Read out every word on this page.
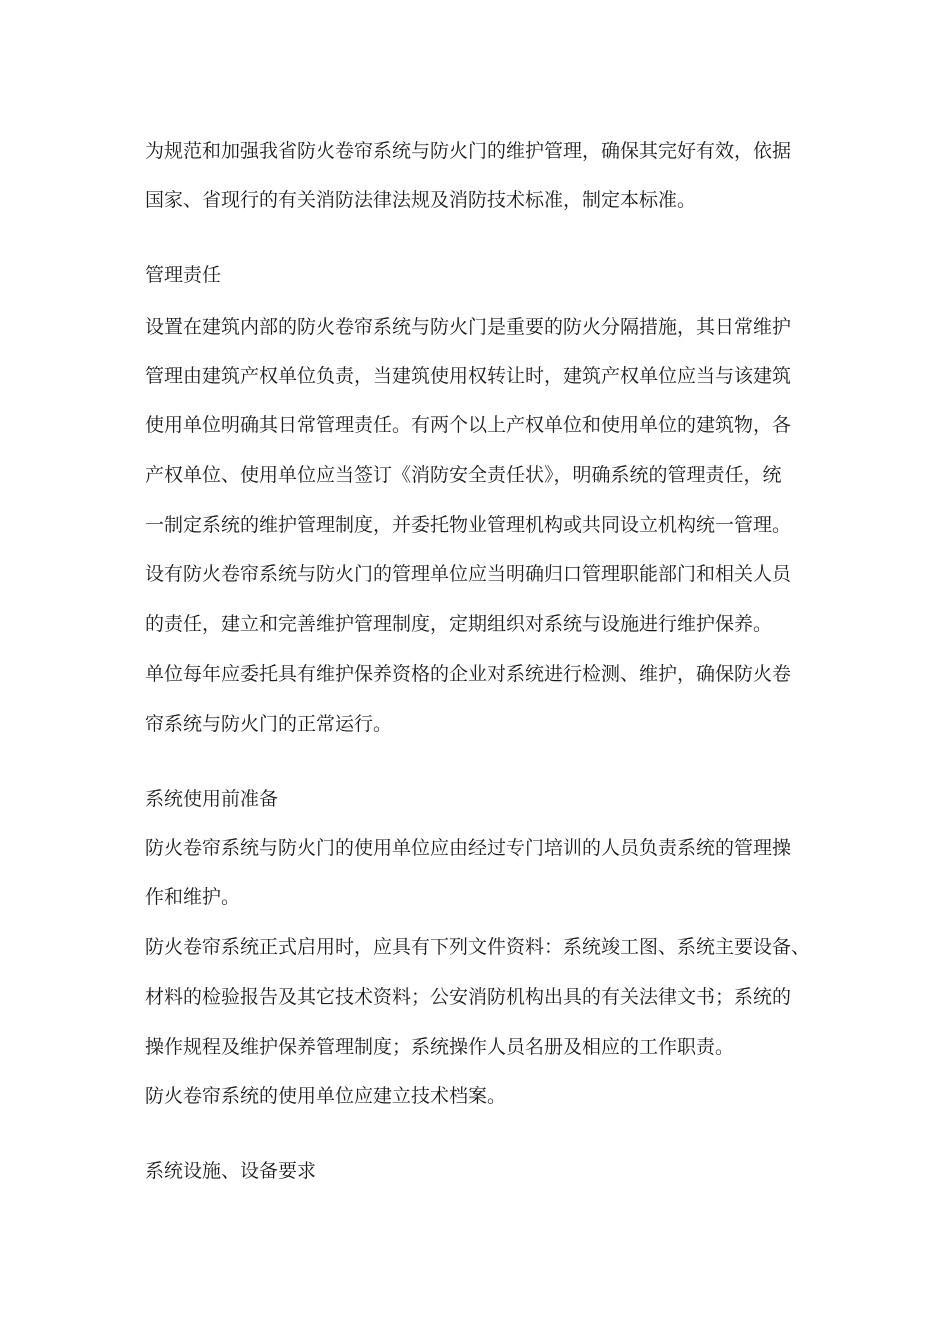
为规范和加强我省防火卷帘系统与防火门的维护管理，确保其完好有效，依据
国家、省现行的有关消防法律法规及消防技术标准，制定本标准。
管理责任
设置在建筑内部的防火卷帘系统与防火门是重要的防火分隔措施，其日常维护
管理由建筑产权单位负责，当建筑使用权转让时，建筑产权单位应当与该建筑
使用单位明确其日常管理责任。有两个以上产权单位和使用单位的建筑物，各
产权单位、使用单位应当签订《消防安全责任状》，明确系统的管理责任，统
一制定系统的维护管理制度，并委托物业管理机构或共同设立机构统一管理。
设有防火卷帘系统与防火门的管理单位应当明确归口管理职能部门和相关人员
的责任，建立和完善维护管理制度，定期组织对系统与设施进行维护保养。
单位每年应委托具有维护保养资格的企业对系统进行检测、维护，确保防火卷
帘系统与防火门的正常运行。
系统使用前准备
防火卷帘系统与防火门的使用单位应由经过专门培训的人员负责系统的管理操
作和维护。
防火卷帘系统正式启用时，应具有下列文件资料：系统竣工图、系统主要设备、
材料的检验报告及其它技术资料；公安消防机构出具的有关法律文书；系统的
操作规程及维护保养管理制度；系统操作人员名册及相应的工作职责。
防火卷帘系统的使用单位应建立技术档案。
系统设施、设备要求
